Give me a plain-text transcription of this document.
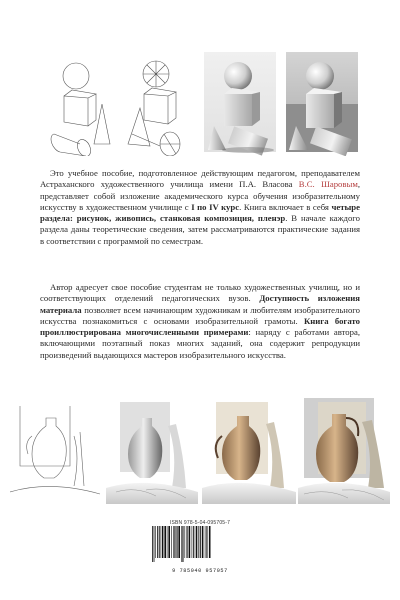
Это учебное пособие, подготовленное действующим педагогом, преподавателем Астраханского художественного училища имени П.А. Власова В.С. Шаровым, представляет собой изложение академического курса обучения изобразительному искусству в художественном училище с I по IV курс. Книга включает в себя четыре раздела: рисунок, живопись, станковая композиция, пленэр. В начале каждого раздела даны теоретические сведения, затем рассматриваются практические задания в соответствии с программой по семестрам.

Автор адресует свое пособие студентам не только художественных училищ, но и соответствующих отделений педагогических вузов. Доступность изложения материала позволяет всем начинающим художникам и любителям изобразительного искусства познакомиться с основами изобразительной грамоты. Книга богато проиллюстрирована многочисленными примерами: наряду с работами автора, включающими поэтапный показ многих заданий, она содержит репродукции произведений выдающихся мастеров изобразительного искусства.

ISBN 978-5-04-095705-7
9 785040 957057
